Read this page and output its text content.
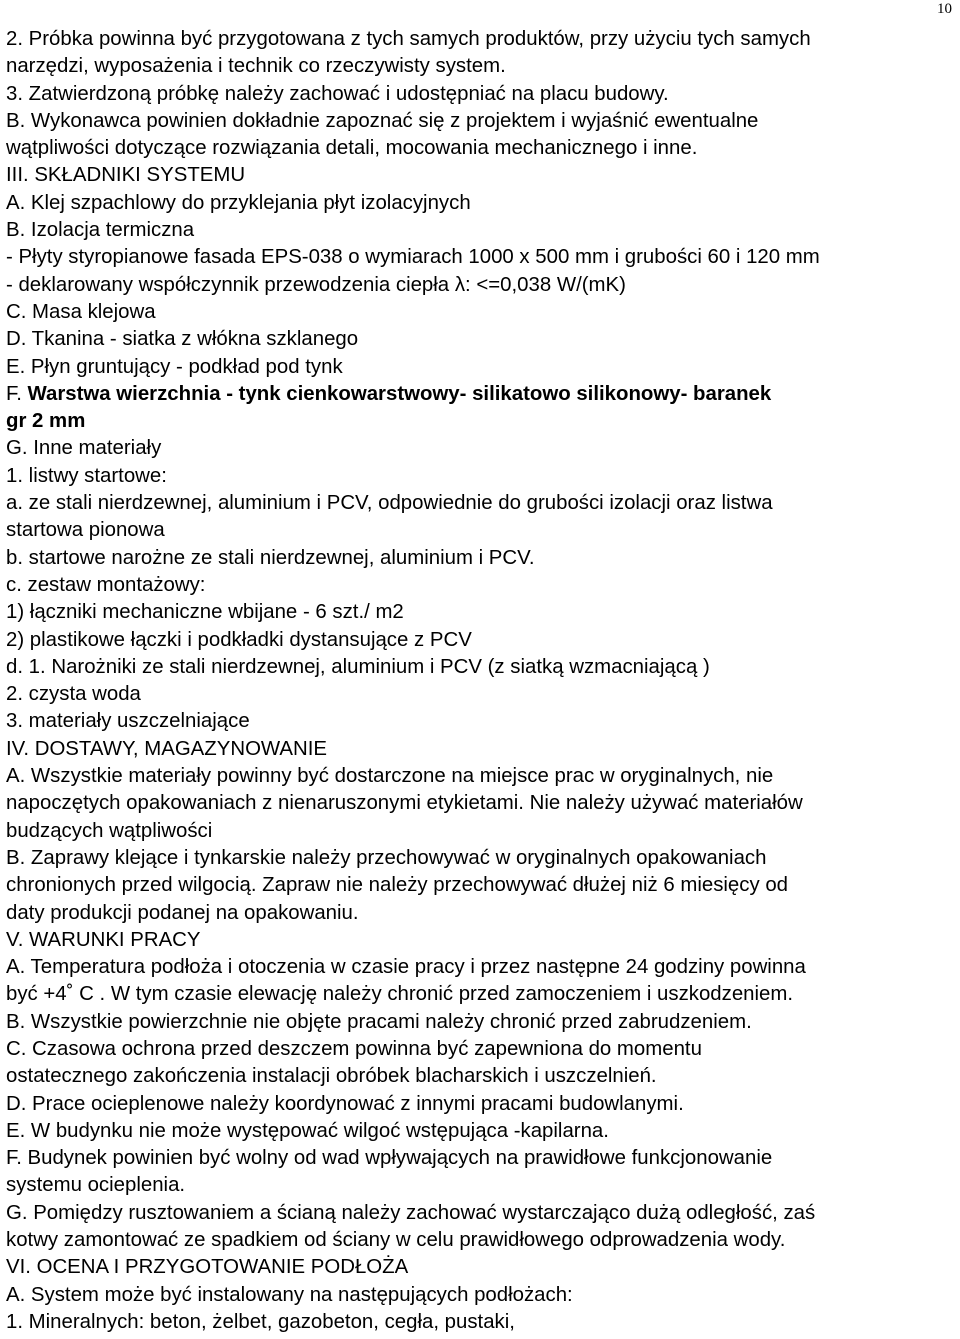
10
2. Próbka powinna być przygotowana z tych samych produktów, przy użyciu tych samych
narzędzi, wyposażenia i technik co rzeczywisty system.
3. Zatwierdzoną próbkę należy zachować i udostępniać na placu budowy.
B. Wykonawca powinien dokładnie zapoznać się z projektem i wyjaśnić ewentualne
wątpliwości dotyczące rozwiązania detali, mocowania mechanicznego i inne.
III. SKŁADNIKI SYSTEMU
A. Klej szpachlowy do przyklejania płyt izolacyjnych
B. Izolacja termiczna
- Płyty styropianowe fasada EPS-038 o wymiarach 1000 x 500 mm i grubości 60 i 120 mm
- deklarowany współczynnik przewodzenia ciepła λ: <=0,038 W/(mK)
C. Masa klejowa
D. Tkanina - siatka z włókna szklanego
E. Płyn gruntujący - podkład pod tynk
F. Warstwa wierzchnia - tynk cienkowarstwowy- silikatowo silikonowy- baranek
gr 2 mm
G. Inne materiały
1. listwy startowe:
a. ze stali nierdzewnej, aluminium i PCV, odpowiednie do grubości izolacji oraz listwa
startowa pionowa
b. startowe narożne ze stali nierdzewnej, aluminium i PCV.
c. zestaw montażowy:
1) łączniki mechaniczne wbijane - 6 szt./ m2
2) plastikowe łączki i podkładki dystansujące z PCV
d. 1. Narożniki ze stali nierdzewnej, aluminium i PCV (z siatką wzmacniającą )
2. czysta woda
3. materiały uszczelniające
IV. DOSTAWY, MAGAZYNOWANIE
A. Wszystkie materiały powinny być dostarczone na miejsce prac w oryginalnych, nie
napoczętych opakowaniach z nienaruszonymi etykietami. Nie należy używać materiałów
budzących wątpliwości
B. Zaprawy klejące i tynkarskie należy przechowywać w oryginalnych opakowaniach
chronionych przed wilgocią. Zapraw nie należy przechowywać dłużej niż 6 miesięcy od
daty produkcji podanej na opakowaniu.
V. WARUNKI PRACY
A. Temperatura podłoża i otoczenia w czasie pracy i przez następne 24 godziny powinna
być +4˚ C . W tym czasie elewację należy chronić przed zamoczeniem i uszkodzeniem.
B. Wszystkie powierzchnie nie objęte pracami należy chronić przed zabrudzeniem.
C. Czasowa ochrona przed deszczem powinna być zapewniona do momentu
ostatecznego zakończenia instalacji obróbek blacharskich i uszczelnień.
D. Prace ocieplenowe należy koordynować z innymi pracami budowlanymi.
E. W budynku nie może występować wilgoć wstępująca -kapilarna.
F. Budynek powinien być wolny od wad wpływających na prawidłowe funkcjonowanie
systemu ocieplenia.
G. Pomiędzy rusztowaniem a ścianą należy zachować wystarczająco dużą odległość, zaś
kotwy zamontować ze spadkiem od ściany w celu prawidłowego odprowadzenia wody.
VI. OCENA I PRZYGOTOWANIE PODŁOŻA
A. System może być instalowany na następujących podłożach:
1. Mineralnych: beton, żelbet, gazobeton, cegła, pustaki,
